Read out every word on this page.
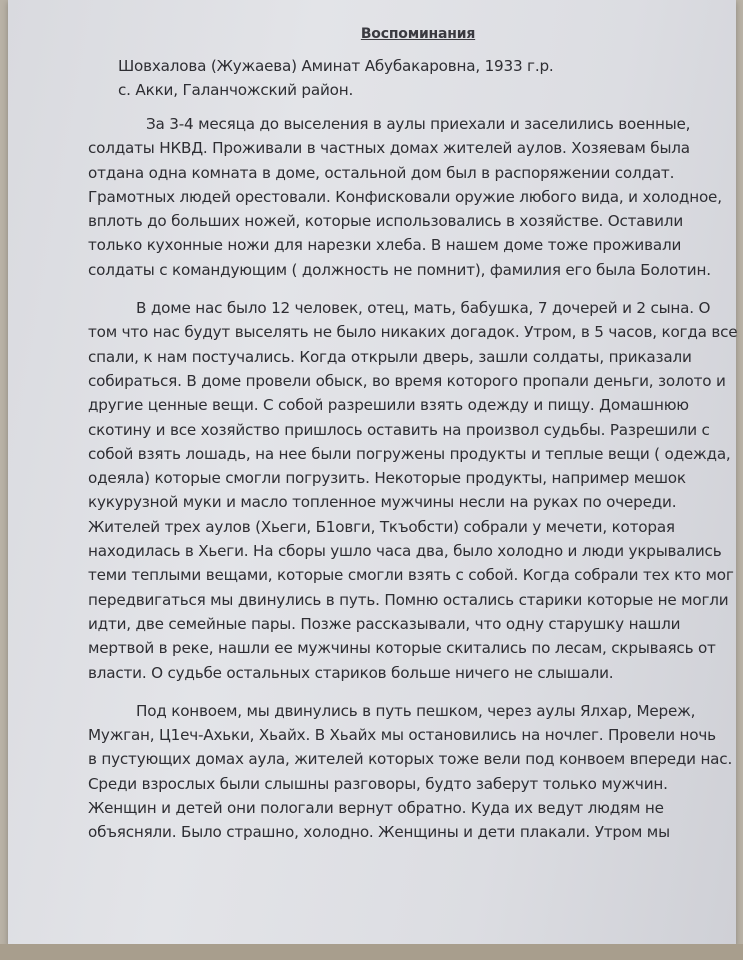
Воспоминания
Шовхалова (Жужаева) Аминат Абубакаровна, 1933 г.р.
с. Акки, Галанчожский район.
За 3-4 месяца до выселения в аулы приехали и заселились военные,
солдаты НКВД. Проживали в частных домах жителей аулов. Хозяевам была
отдана одна комната в доме, остальной дом был в распоряжении солдат.
Грамотных людей орестовали. Конфисковали оружие любого вида, и холодное,
вплоть до больших ножей, которые использовались в хозяйстве. Оставили
только кухонные ножи для нарезки хлеба. В нашем доме тоже проживали
солдаты с командующим ( должность не помнит), фамилия его была Болотин.
В доме нас было 12 человек, отец, мать, бабушка, 7 дочерей и 2 сына. О
том что нас будут выселять не было никаких догадок. Утром, в 5 часов, когда все
спали, к нам постучались. Когда открыли дверь, зашли солдаты, приказали
собираться. В доме провели обыск, во время которого пропали деньги, золото и
другие ценные вещи. С собой разрешили взять одежду и пищу. Домашнюю
скотину и все хозяйство пришлось оставить на произвол судьбы. Разрешили с
собой взять лошадь, на нее были погружены продукты и теплые вещи ( одежда,
одеяла) которые смогли погрузить. Некоторые продукты, например мешок
кукурузной муки и масло топленное мужчины несли на руках по очереди.
Жителей трех аулов (Хьеги, Б1овги, Ткъобсти) собрали у мечети, которая
находилась в Хьеги. На сборы ушло часа два, было холодно и люди укрывались
теми теплыми вещами, которые смогли взять с собой. Когда собрали тех кто мог
передвигаться мы двинулись в путь. Помню остались старики которые не могли
идти, две семейные пары. Позже рассказывали, что одну старушку нашли
мертвой в реке, нашли ее мужчины которые скитались по лесам, скрываясь от
власти. О судьбе остальных стариков больше ничего не слышали.
Под конвоем, мы двинулись в путь пешком, через аулы Ялхар, Мереж,
Мужган, Ц1еч-Ахьки, Хьайх. В Хьайх мы остановились на ночлег. Провели ночь
в пустующих домах аула, жителей которых тоже вели под конвоем впереди нас.
Среди взрослых были слышны разговоры, будто заберут только мужчин.
Женщин и детей они пологали вернут обратно. Куда их ведут людям не
объясняли. Было страшно, холодно. Женщины и дети плакали. Утром мы
